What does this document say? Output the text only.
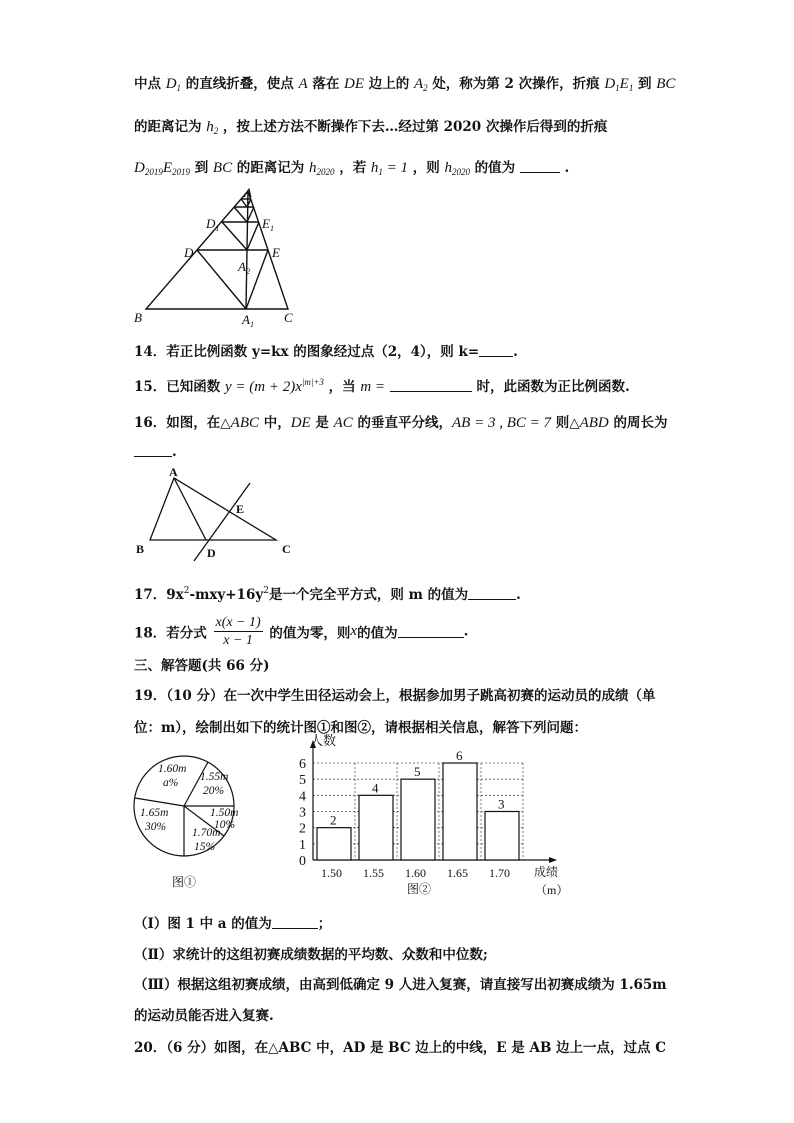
中点 $D_1$ 的直线折叠，使点 A 落在 DE 边上的 $A_2$ 处，称为第 2 次操作，折痕 $D_1E_1$ 到 BC
的距离记为 $h_2$ ，按上述方法不断操作下去…经过第 2020 次操作后得到的折痕
$D_{2019}E_{2019}$ 到 BC 的距离记为 $h_{2020}$ ，若 $h_1 = 1$ ，则 $h_{2020}$ 的值为	.
A
$D_1$	$E_1$
D	E
$A_2$
B	$A_1$ C
14．若正比例函数 y=kx 的图象经过点（2，4），则 k=	.
15．已知函数 $y = (m + 2)x^{|m|+3}$ ，当 m =	时，此函数为正比例函数.
16．如图，在△ABC 中，DE 是 AC 的垂直平分线，AB = 3 , BC = 7 则△ABD 的周长为
.
A
E
B	D	C
17．$9x^2-mxy+16y^2$是一个完全平方式，则 m 的值为	.
18．若分式 $\frac{x(x - 1)}{x - 1}$ 的值为零，则x的值为	.
三、解答题(共 66 分)
19．（10 分）在一次中学生田径运动会上，根据参加男子跳高初赛的运动员的成绩（单
位：m），绘制出如下的统计图①和图②，请根据相关信息，解答下列问题：
1.60m
a% 1.55m
20%
1.50m
10%
1.70m
15%
1.65m
30%
图①
0
1
2
3
4
5
6
2
1.50
4
1.55
5
1.60
6
1.65
3
1.70
人数
成绩
（m）
图②
（Ⅰ）图 1 中 a 的值为	；
（Ⅱ）求统计的这组初赛成绩数据的平均数、众数和中位数;
（Ⅲ）根据这组初赛成绩，由高到低确定 9 人进入复赛，请直接写出初赛成绩为 1.65m
的运动员能否进入复赛.
20．（6 分）如图，在△ABC 中，AD 是 BC 边上的中线，E 是 AB 边上一点，过点 C
